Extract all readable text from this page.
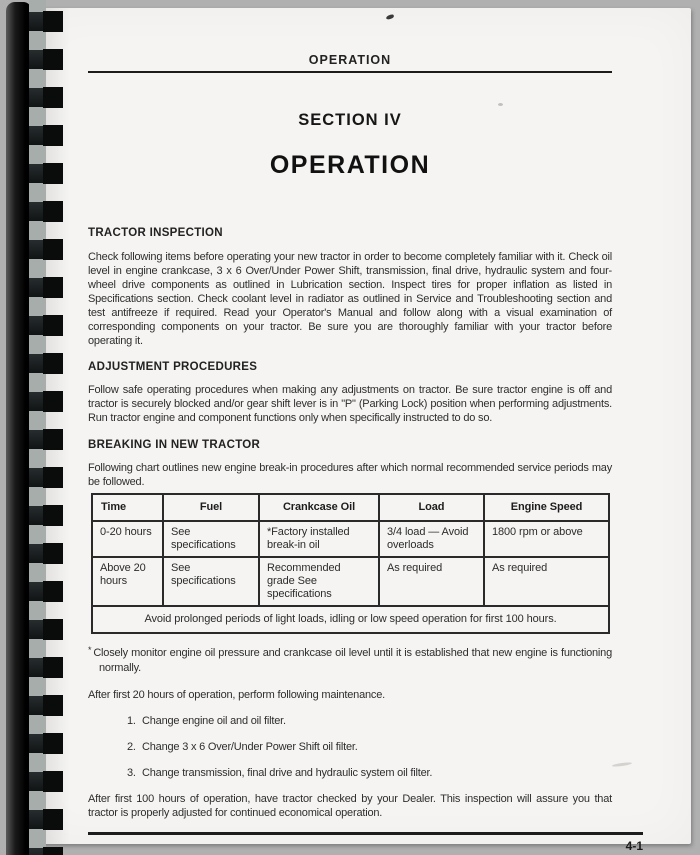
OPERATION
SECTION IV
OPERATION
TRACTOR INSPECTION

Check following items before operating your new tractor in order to become completely familiar with it. Check oil level in engine crankcase, 3 x 6 Over/Under Power Shift, transmission, final drive, hydraulic system and four-wheel drive components as outlined in Lubrication section. Inspect tires for proper inflation as listed in Specifications section. Check coolant level in radiator as outlined in Service and Troubleshooting section and test antifreeze if required. Read your Operator's Manual and follow along with a visual examination of corresponding components on your tractor. Be sure you are thoroughly familiar with your tractor before operating it.

ADJUSTMENT PROCEDURES

Follow safe operating procedures when making any adjustments on tractor. Be sure tractor engine is off and tractor is securely blocked and/or gear shift lever is in "P" (Parking Lock) position when performing adjustments. Run tractor engine and component functions only when specifically instructed to do so.

BREAKING IN NEW TRACTOR

Following chart outlines new engine break-in procedures after which normal recommended service periods may be followed.

Time	Fuel	Crankcase Oil	Load	Engine Speed
0-20 hours	See specifications	*Factory installed break-in oil	3/4 load — Avoid overloads	1800 rpm or above
Above 20 hours	See specifications	Recommended grade See specifications	As required	As required
Avoid prolonged periods of light loads, idling or low speed operation for first 100 hours.				

* Closely monitor engine oil pressure and crankcase oil level until it is established that new engine is functioning normally.

After first 20 hours of operation, perform following maintenance.

1. Change engine oil and oil filter.
2. Change 3 x 6 Over/Under Power Shift oil filter.
3. Change transmission, final drive and hydraulic system oil filter.

After first 100 hours of operation, have tractor checked by your Dealer. This inspection will assure you that tractor is properly adjusted for continued economical operation.

4-1
